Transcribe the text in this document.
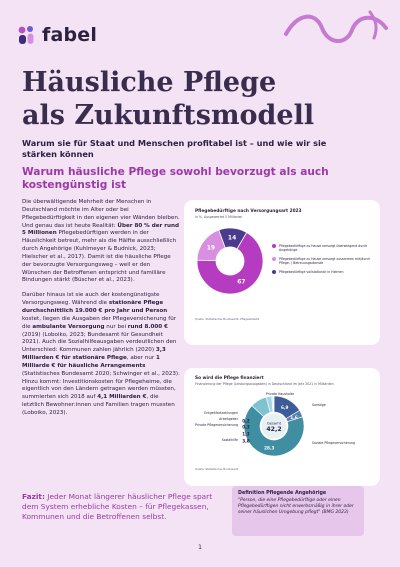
fabel
Häusliche Pflege
als Zukunftsmodell
Warum sie für Staat und Menschen profitabel ist – und wie wir sie stärken können
Warum häusliche Pflege sowohl bevorzugt als auch kostengünstig ist

Die überwältigende Mehrheit der Menschen in Deutschland möchte im Alter oder bei Pflegebedürftigkeit in den eigenen vier Wänden bleiben. Und genau das ist heute Realität: Über 80 % der rund 5 Millionen Pflegebedürftigen werden in der Häuslichkeit betreut, mehr als die Hälfte ausschließlich durch Angehörige (Kuhlmeyer & Budnick, 2023; Hielscher et al., 2017). Damit ist die häusliche Pflege der bevorzugte Versorgungsweg – weil er den Wünschen der Betroffenen entspricht und familiäre Bindungen stärkt (Büscher et al., 2023).

Darüber hinaus ist sie auch der kostengünstigste Versorgungsweg. Während die stationäre Pflege durchschnittlich 19.000 € pro Jahr und Person kostet, liegen die Ausgaben der Pflegeversicherung für die ambulante Versorgung nur bei rund 8.000 € (2019) (Loboiko, 2023; Bundesamt für Gesundheit 2021). Auch die Sozialhilfeausgaben verdeutlichen den Unterschied: Kommunen zahlen jährlich (2020) 3,3 Milliarden € für stationäre Pflege, aber nur 1 Milliarde € für häusliche Arrangements (Statistisches Bundesamt 2020; Schwinger et al., 2023). Hinzu kommt: Investitionskosten für Pflegeheime, die eigentlich von den Ländern getragen werden müssten, summierten sich 2018 auf 4,1 Milliarden €, die letztlich Bewohner:innen und Familien tragen mussten (Loboiko, 2023).

Pflegebedürftige nach Versorgungsart 2023
in %, Ausgewertet 5 Millionen
14
67
19	Pflegebedürftige zu Hause versorgt überwiegend durch Angehörige
Pflegebedürftige zu Hause versorgt zusammen mit/durch Pflege- / Betreuungsdienste
Pflegebedürftige vollstationär in Heimen
Quelle: Statistisches Bundesamt, Pflegestatistik
So wird die Pflege finanziert
Finanzierung der Pflege (Leistungsausgaben) in Deutschland im Jahr 2021 in Milliarden
Gesamt
42,2
28,3
3,8
1,3
0,3
0,2
1,6
6,9
Private Haushalte
Entgeltfortzahlungen
Arbeitgeber
Private Pflegeversicherung
Sozialhilfe
Sonstige
Soziale Pflegeversicherung
Quelle: Statistisches Bundesamt
Fazit: Jeder Monat längerer häuslicher Pflege spart dem System erhebliche Kosten – für Pflegekassen, Kommunen und die Betroffenen selbst.
Definition Pflegende Angehörige
"Person, die eine Pflegebedürftige oder einen Pflegebedürftigen nicht erwerbsmäßig in ihrer oder seiner häuslichen Umgebung pflegt" (BMG 2023)
1
